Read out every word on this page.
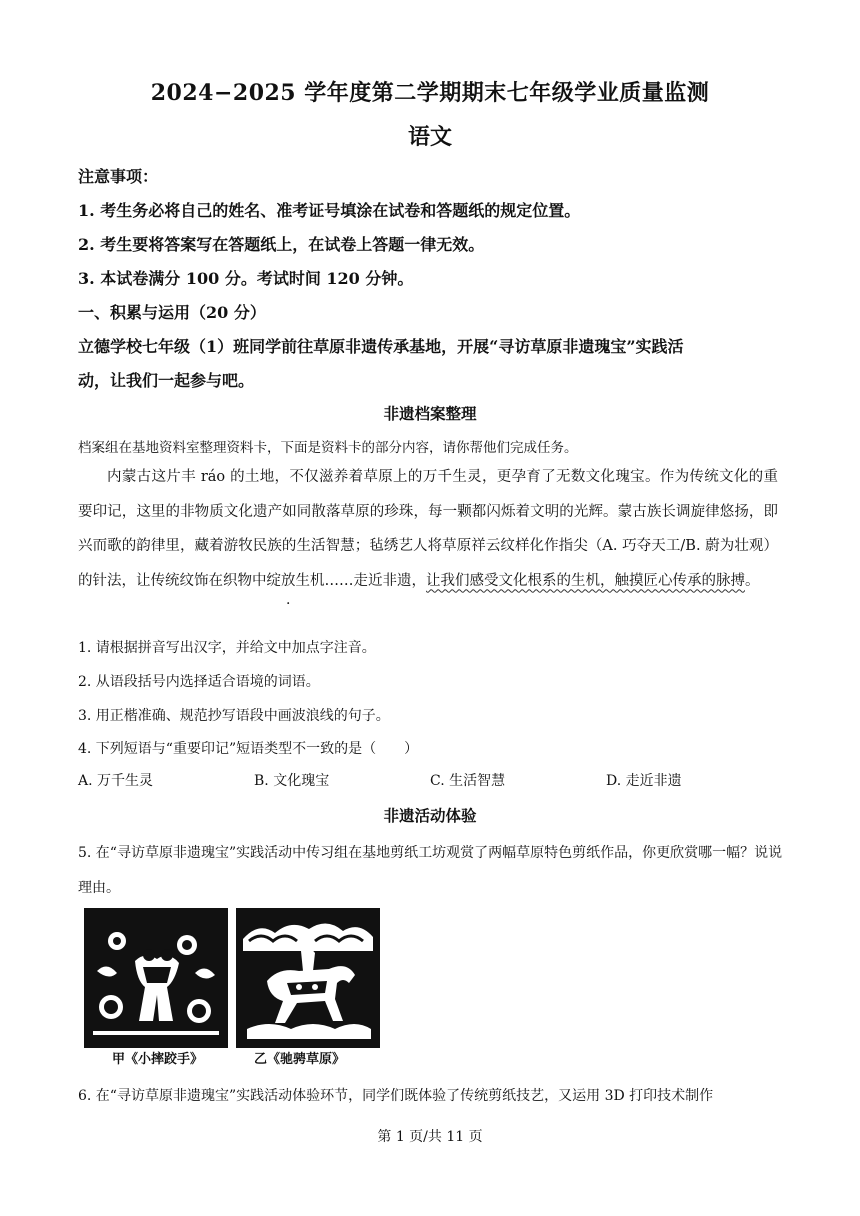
2024−2025 学年度第二学期期末七年级学业质量监测
语文
注意事项：
1. 考生务必将自己的姓名、准考证号填涂在试卷和答题纸的规定位置。
2. 考生要将答案写在答题纸上，在试卷上答题一律无效。
3. 本试卷满分 100 分。考试时间 120 分钟。
一、积累与运用（20 分）
立德学校七年级（1）班同学前往草原非遗传承基地，开展“寻访草原非遗瑰宝”实践活
动，让我们一起参与吧。
非遗档案整理
档案组在基地资料室整理资料卡，下面是资料卡的部分内容，请你帮他们完成任务。

内蒙古这片丰 ráo 的土地，不仅滋养着草原上的万千生灵，更孕育了无数文化瑰宝。作为传统文化的重要印记，这里的非物质文化遗产如同散落草原的珍珠，每一颗都闪烁着文明的光辉。蒙古族长调旋律悠扬，即兴而歌的韵律里，藏着游牧民族的生活智慧；毡绣艺人将草原祥云纹样化作指尖（A. 巧夺天工/B. 蔚为壮观）的针法，让传统纹饰在织物中绽放生机……走近非遗，让我们感受文化根系的生机，触摸匠心传承的脉搏。

1. 请根据拼音写出汉字，并给文中加点字注音。
2. 从语段括号内选择适合语境的词语。
3. 用正楷准确、规范抄写语段中画波浪线的句子。
4. 下列短语与“重要印记”短语类型不一致的是（　　）
A. 万千生灵	B. 文化瑰宝	C. 生活智慧	D. 走近非遗
非遗活动体验
5. 在“寻访草原非遗瑰宝”实践活动中传习组在基地剪纸工坊观赏了两幅草原特色剪纸作品，你更欣赏哪一幅？说说理由。
甲《小摔跤手》	乙《驰骋草原》
6. 在“寻访草原非遗瑰宝”实践活动体验环节，同学们既体验了传统剪纸技艺，又运用 3D 打印技术制作
第 1 页/共 11 页
